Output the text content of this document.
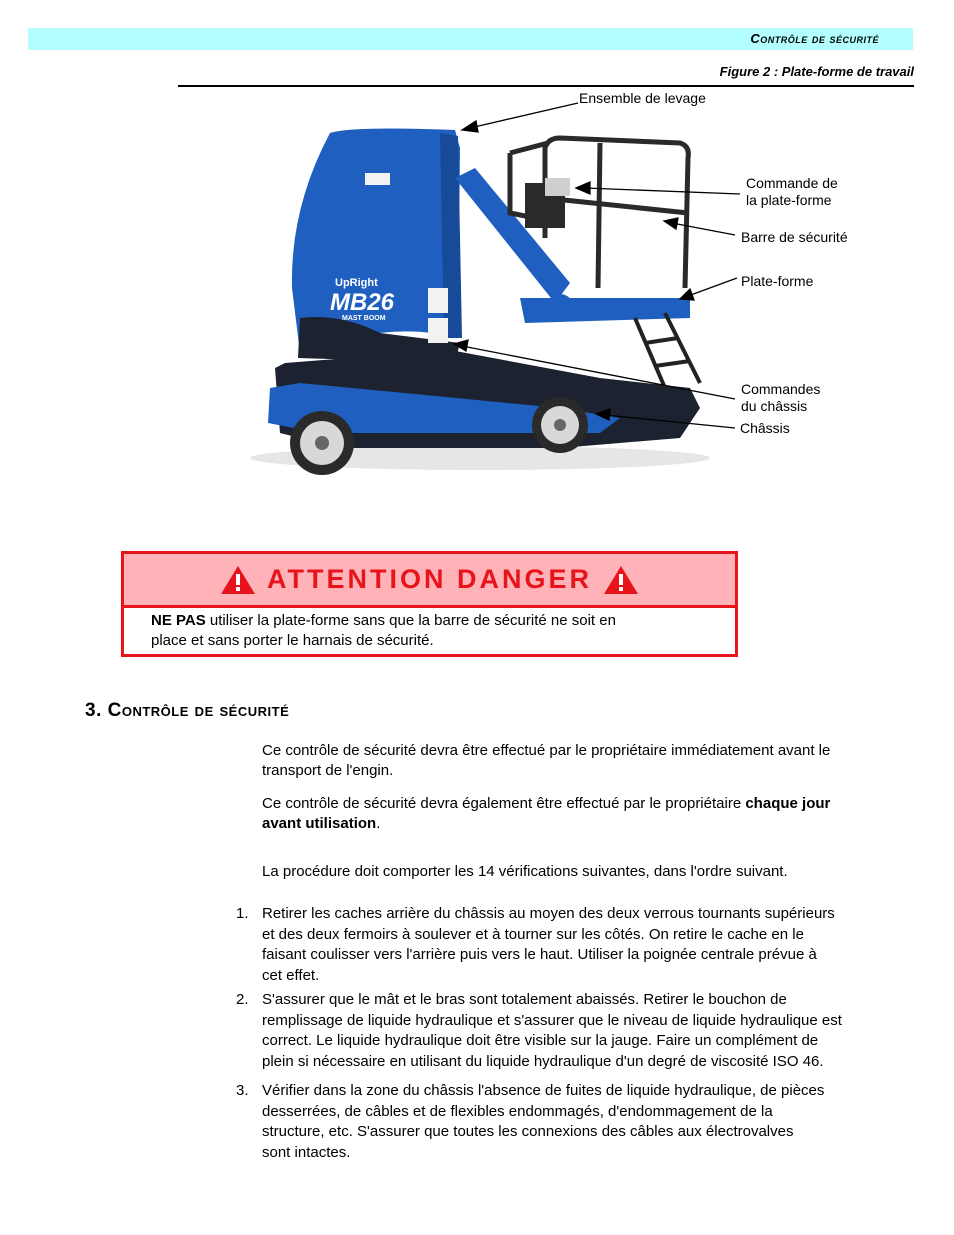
Contrôle de sécurité
Figure 2 : Plate-forme de travail
UpRight
MB26
MAST BOOM
Ensemble de levage
Commande de
la plate-forme
Barre de sécurité
Plate-forme
Commandes
du châssis
Châssis
ATTENTION DANGER
NE PAS utiliser la plate-forme sans que la barre de sécurité ne soit en
place et sans porter le harnais de sécurité.
3. Contrôle de sécurité
Ce contrôle de sécurité devra être effectué par le propriétaire immédiatement avant le
transport de l'engin.
Ce contrôle de sécurité devra également être effectué par le propriétaire chaque jour
avant utilisation.
La procédure doit comporter les 14 vérifications suivantes, dans l'ordre suivant.
1. Retirer les caches arrière du châssis au moyen des deux verrous tournants supérieurs
et des deux fermoirs à soulever et à tourner sur les côtés. On retire le cache en le
faisant coulisser vers l'arrière puis vers le haut. Utiliser la poignée centrale prévue à
cet effet.
2. S'assurer que le mât et le bras sont totalement abaissés. Retirer le bouchon de
remplissage de liquide hydraulique et s'assurer que le niveau de liquide hydraulique est
correct. Le liquide hydraulique doit être visible sur la jauge. Faire un complément de
plein si nécessaire en utilisant du liquide hydraulique d'un degré de viscosité ISO 46.
3. Vérifier dans la zone du châssis l'absence de fuites de liquide hydraulique, de pièces
desserrées, de câbles et de flexibles endommagés, d'endommagement de la
structure, etc. S'assurer que toutes les connexions des câbles aux électrovalves
sont intactes.
